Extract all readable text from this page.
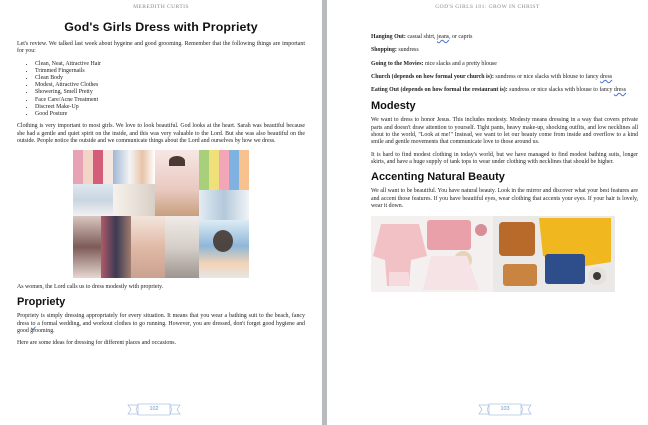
MEREDITH CURTIS
God's Girls Dress with Propriety

Let's review. We talked last week about hygeine and good grooming. Remember that the following things are important for you:

• Clean, Neat, Attractive Hair
• Trimmed Fingernails
• Clean Body
• Modest, Attractive Clothes
• Showering, Smell Pretty
• Face Care/Acne Treatment
• Discreet Make-Up
• Good Posture

Clothing is very important to most girls. We love to look beautiful. God looks at the heart. Sarah was beautiful because she had a gentle and quiet spirit on the inside, and this was very valuable to the Lord. But she was also beautiful on the outside. People notice the outside and we communicate things about the Lord and ourselves by how we dress.

As women, the Lord calls us to dress modestly with propriety.

Propriety

Propriety is simply dressing appropriately for every situation. It means that you wear a bathing suit to the beach, fancy dress to a formal wedding, and workout clothes to go running. However, you are dressed, don't forget good hygiene and good grooming.

Here are some ideas for dressing for different places and occasions.

102
GOD'S GIRLS 101: GROW IN CHRIST

Hanging Out: casual shirt, jeans, or capris

Shopping: sundress

Going to the Movies: nice slacks and a pretty blouse

Church (depends on how formal your church is): sundress or nice slacks with blouse to fancy dress

Eating Out (depends on how formal the restaurant is): sundress or nice slacks with blouse to fancy dress

Modesty

We want to dress to honor Jesus. This includes modesty. Modesty means dressing in a way that covers private parts and doesn't draw attention to yourself. Tight pants, heavy make-up, shocking outfits, and low necklines all shout to the world, "Look at me!" Instead, we want to let our beauty come from inside and overflow to a kind smile and gentle movements that communicate love to those around us.

It is hard to find modest clothing in today's world, but we have managed to find modest bathing suits, longer skirts, and have a huge supply of tank tops to wear under clothing with necklines that should be higher.

Accenting Natural Beauty

We all want to be beautiful. You have natural beauty. Look in the mirror and discover what your best features are and accent those features. If you have beautiful eyes, wear clothing that accents your eyes. If your hair is lovely, wear it down.

103
